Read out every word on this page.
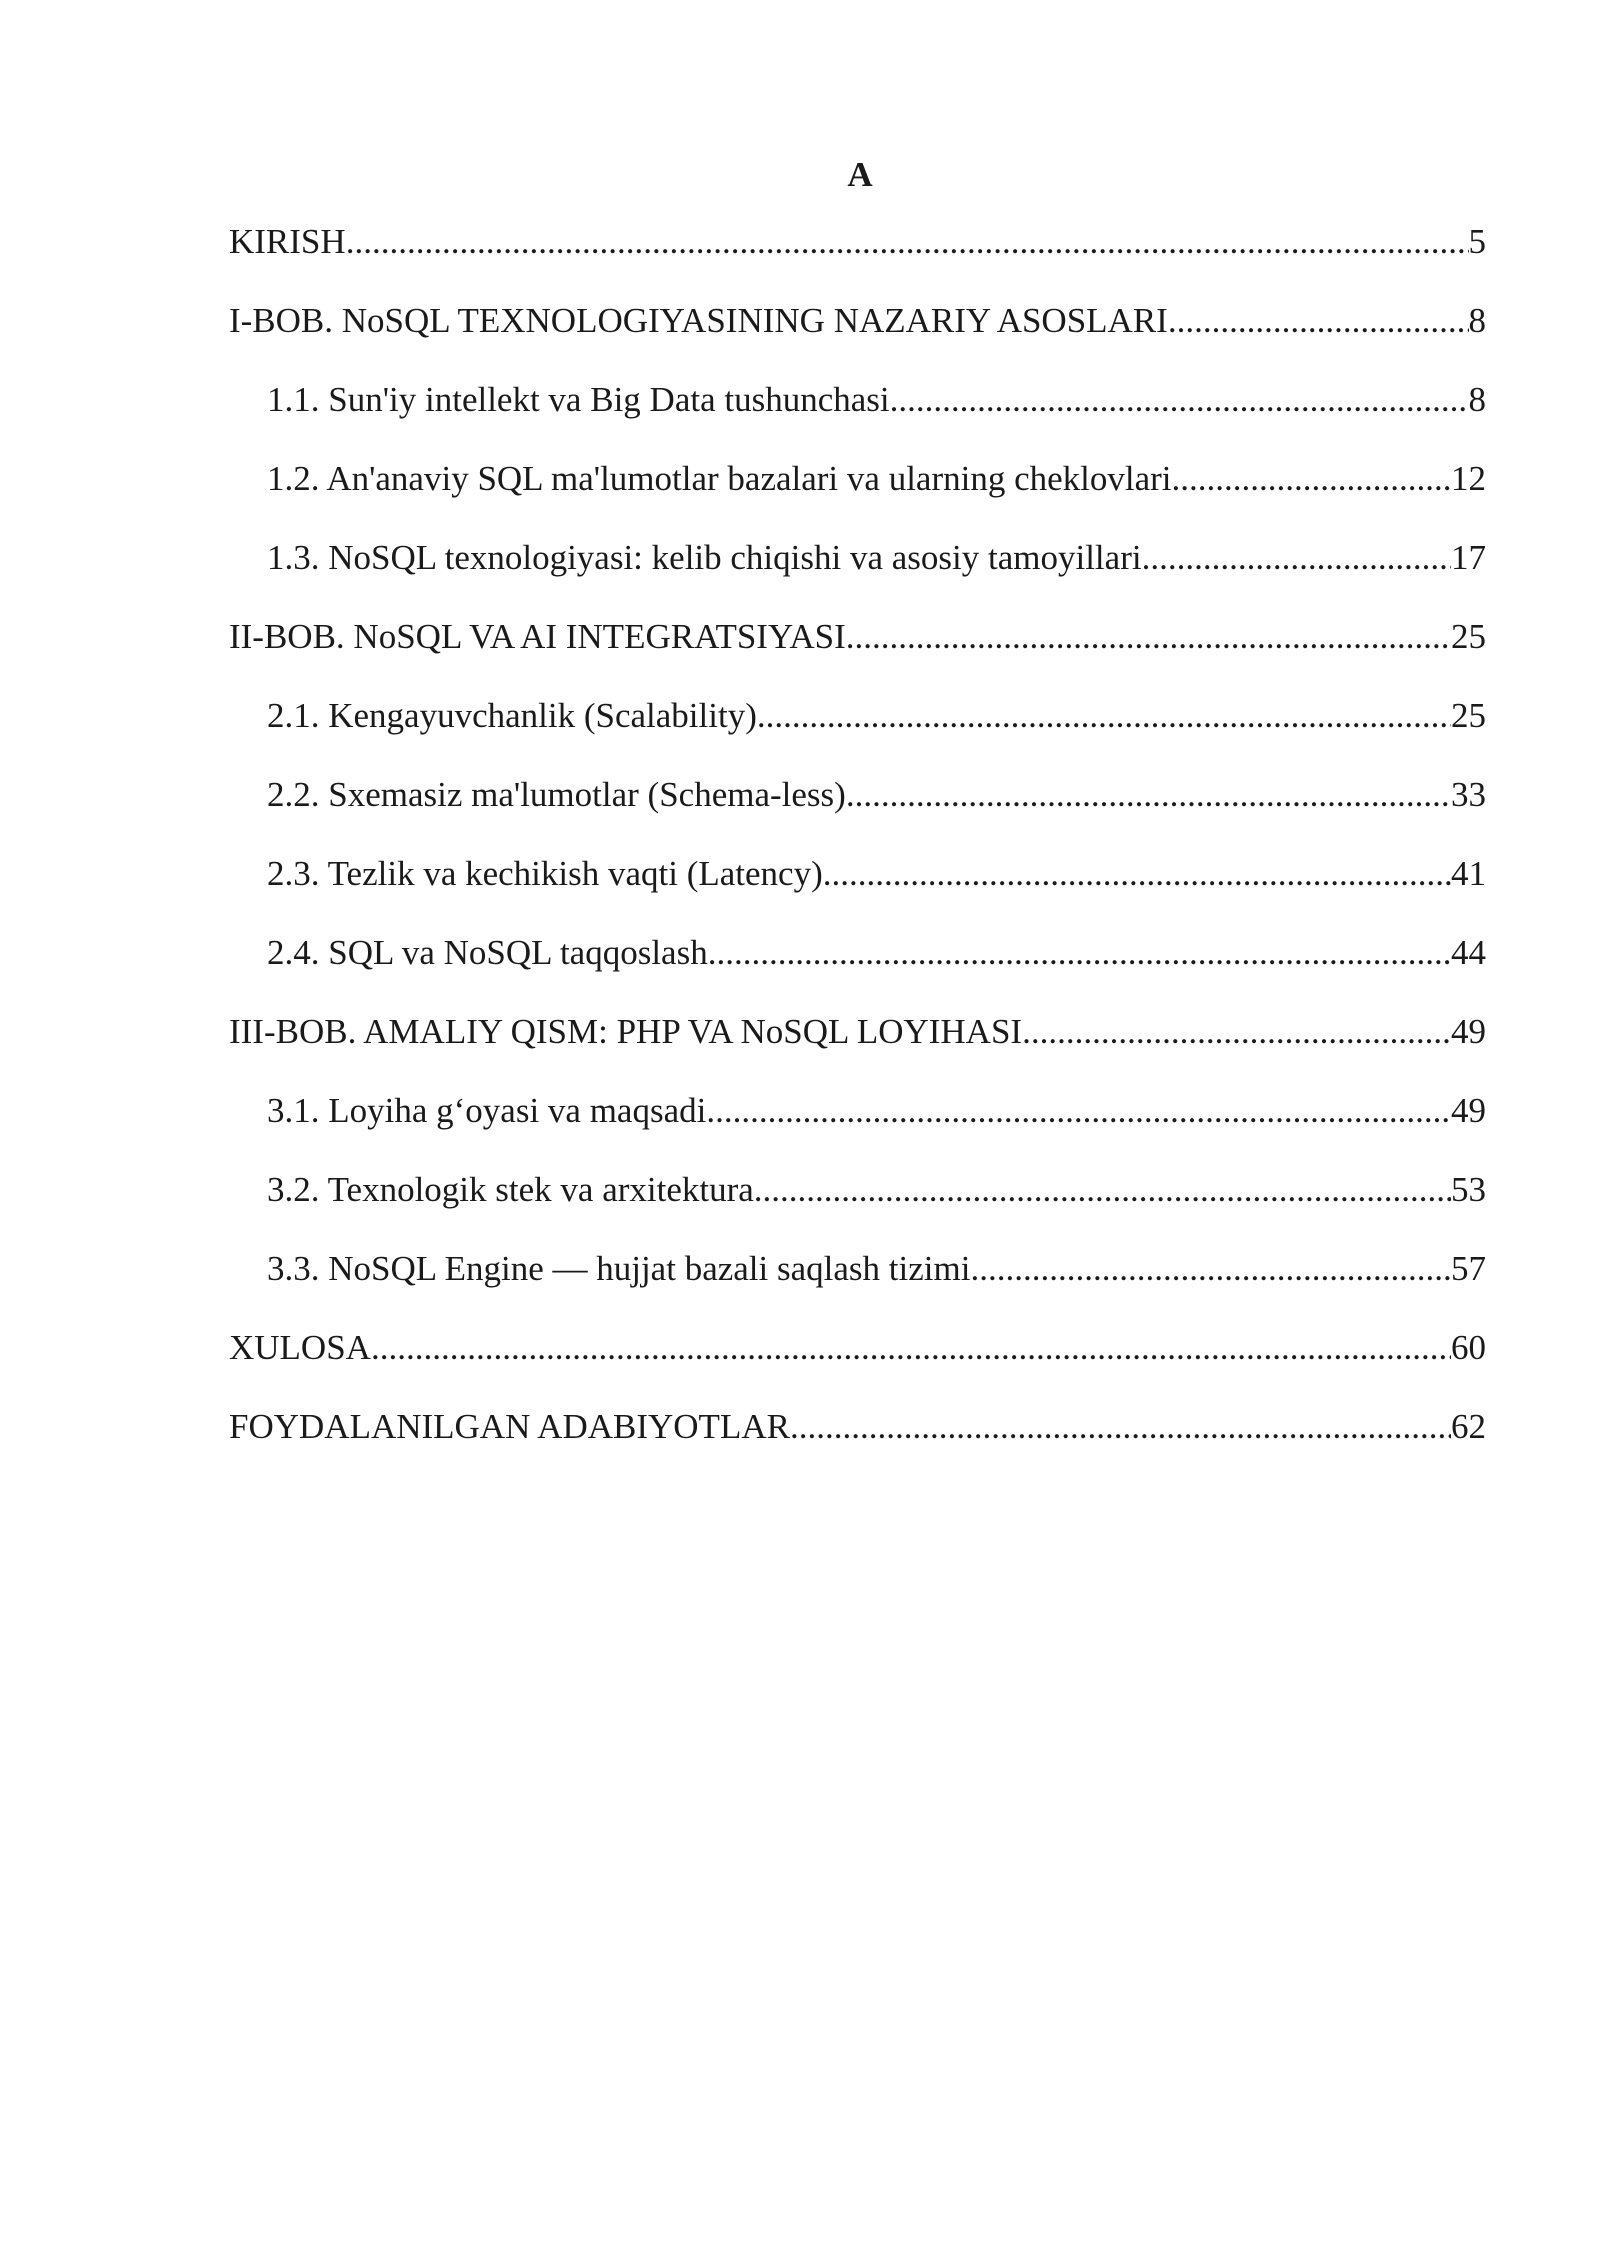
A
KIRISH .....	5
I-BOB. NoSQL TEXNOLOGIYASINING NAZARIY ASOSLARI .....	8
1.1. Sun'iy intellekt va Big Data tushunchasi .....	8
1.2. An'anaviy SQL ma'lumotlar bazalari va ularning cheklovlari .....	12
1.3. NoSQL texnologiyasi: kelib chiqishi va asosiy tamoyillari .....	17
II-BOB. NoSQL VA AI INTEGRATSIYASI .....	25
2.1. Kengayuvchanlik (Scalability) .....	25
2.2. Sxemasiz ma'lumotlar (Schema-less) .....	33
2.3. Tezlik va kechikish vaqti (Latency) .....	41
2.4. SQL va NoSQL taqqoslash .....	44
III-BOB. AMALIY QISM: PHP VA NoSQL LOYIHASI .....	49
3.1. Loyiha g‘oyasi va maqsadi .....	49
3.2. Texnologik stek va arxitektura .....	53
3.3. NoSQL Engine — hujjat bazali saqlash tizimi .....	57
XULOSA .....	60
FOYDALANILGAN ADABIYOTLAR .....	62
